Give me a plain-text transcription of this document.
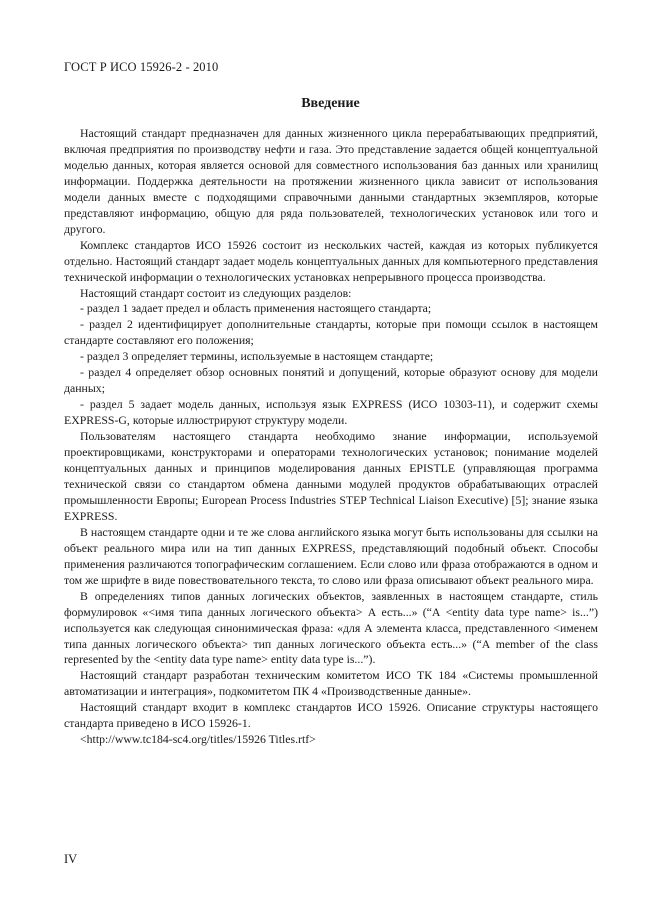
ГОСТ Р ИСО 15926-2 - 2010
Введение

Настоящий стандарт предназначен для данных жизненного цикла перерабатывающих предприятий, включая предприятия по производству нефти и газа. Это представление задается общей концептуальной моделью данных, которая является основой для совместного использования баз данных или хранилищ информации. Поддержка деятельности на протяжении жизненного цикла зависит от использования модели данных вместе с подходящими справочными данными стандартных экземпляров, которые представляют информацию, общую для ряда пользователей, технологических установок или того и другого.

Комплекс стандартов ИСО 15926 состоит из нескольких частей, каждая из которых публикуется отдельно. Настоящий стандарт задает модель концептуальных данных для компьютерного представления технической информации о технологических установках непрерывного процесса производства.

Настоящий стандарт состоит из следующих разделов:

- раздел 1 задает предел и область применения настоящего стандарта;

- раздел 2 идентифицирует дополнительные стандарты, которые при помощи ссылок в настоящем стандарте составляют его положения;

- раздел 3 определяет термины, используемые в настоящем стандарте;

- раздел 4 определяет обзор основных понятий и допущений, которые образуют основу для модели данных;

- раздел 5 задает модель данных, используя язык EXPRESS (ИСО 10303-11), и содержит схемы EXPRESS-G, которые иллюстрируют структуру модели.

Пользователям настоящего стандарта необходимо знание информации, используемой проектировщиками, конструкторами и операторами технологических установок; понимание моделей концептуальных данных и принципов моделирования данных EPISTLE (управляющая программа технической связи со стандартом обмена данными модулей продуктов обрабатывающих отраслей промышленности Европы; European Process Industries STEP Technical Liaison Executive) [5]; знание языка EXPRESS.

В настоящем стандарте одни и те же слова английского языка могут быть использованы для ссылки на объект реального мира или на тип данных EXPRESS, представляющий подобный объект. Способы применения различаются топографическим соглашением. Если слово или фраза отображаются в одном и том же шрифте в виде повествовательного текста, то слово или фраза описывают объект реального мира.

В определениях типов данных логических объектов, заявленных в настоящем стандарте, стиль формулировок «<имя типа данных логического объекта> А есть...» (“А <entity data type name> is...”) используется как следующая синонимическая фраза: «для А элемента класса, представленного <именем типа данных логического объекта> тип данных логического объекта есть...» (“А member of the class represented by the <entity data type name> entity data type is...”).

Настоящий стандарт разработан техническим комитетом ИСО ТК 184 «Системы промышленной автоматизации и интеграция», подкомитетом ПК 4 «Производственные данные».

Настоящий стандарт входит в комплекс стандартов ИСО 15926. Описание структуры настоящего стандарта приведено в ИСО 15926-1.

<http://www.tc184-sc4.org/titles/15926 Titles.rtf>

IV
